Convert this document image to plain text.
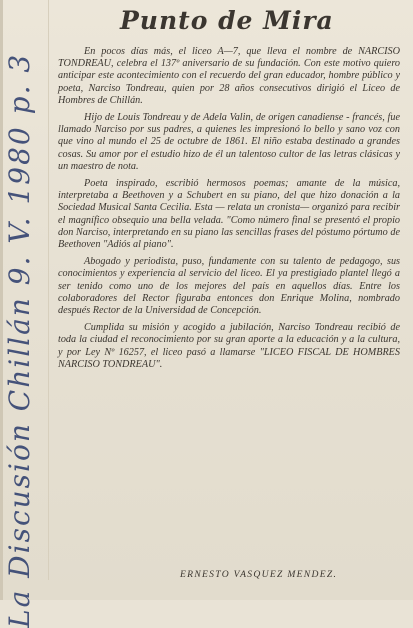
Punto de Mira
La Discusión Chillán 9. V. 1980 p. 3

En pocos días más, el liceo A—7, que lleva el nombre de NARCISO TONDREAU, celebra el 137º aniversario de su fundación. Con este motivo quiero anticipar este acontecimiento con el recuerdo del gran educador, hombre público y poeta, Narciso Tondreau, quien por 28 años consecutivos dirigió el Liceo de Hombres de Chillán.

Hijo de Louis Tondreau y de Adela Valin, de origen canadiense - francés, fue llamado Narciso por sus padres, a quienes les impresionó lo bello y sano voz con que vino al mundo el 25 de octubre de 1861. El niño estaba destinado a grandes cosas. Su amor por el estudio hizo de él un talentoso cultor de las letras clásicas y un maestro de nota.

Poeta inspirado, escribió hermosos poemas; amante de la música, interpretaba a Beethoven y a Schubert en su piano, del que hizo donación a la Sociedad Musical Santa Cecilia. Esta — relata un cronista— organizó para recibir el magnífico obsequio una bella velada. "Como número final se presentó el propio don Narciso, interpretando en su piano las sencillas frases del póstumo pórtumo de Beethoven "Adiós al piano".

Abogado y periodista, puso, fundamente con su talento de pedagogo, sus conocimientos y experiencia al servicio del liceo. El ya prestigiado plantel llegó a ser tenido como uno de los mejores del país en aquellos días. Entre los colaboradores del Rector figuraba entonces don Enrique Molina, nombrado después Rector de la Universidad de Concepción.

Cumplida su misión y acogido a jubilación, Narciso Tondreau recibió de toda la ciudad el reconocimiento por su gran aporte a la educación y a la cultura, y por Ley Nº 16257, el liceo pasó a llamarse "LICEO FISCAL DE HOMBRES NARCISO TONDREAU".

ERNESTO VASQUEZ MENDEZ.
